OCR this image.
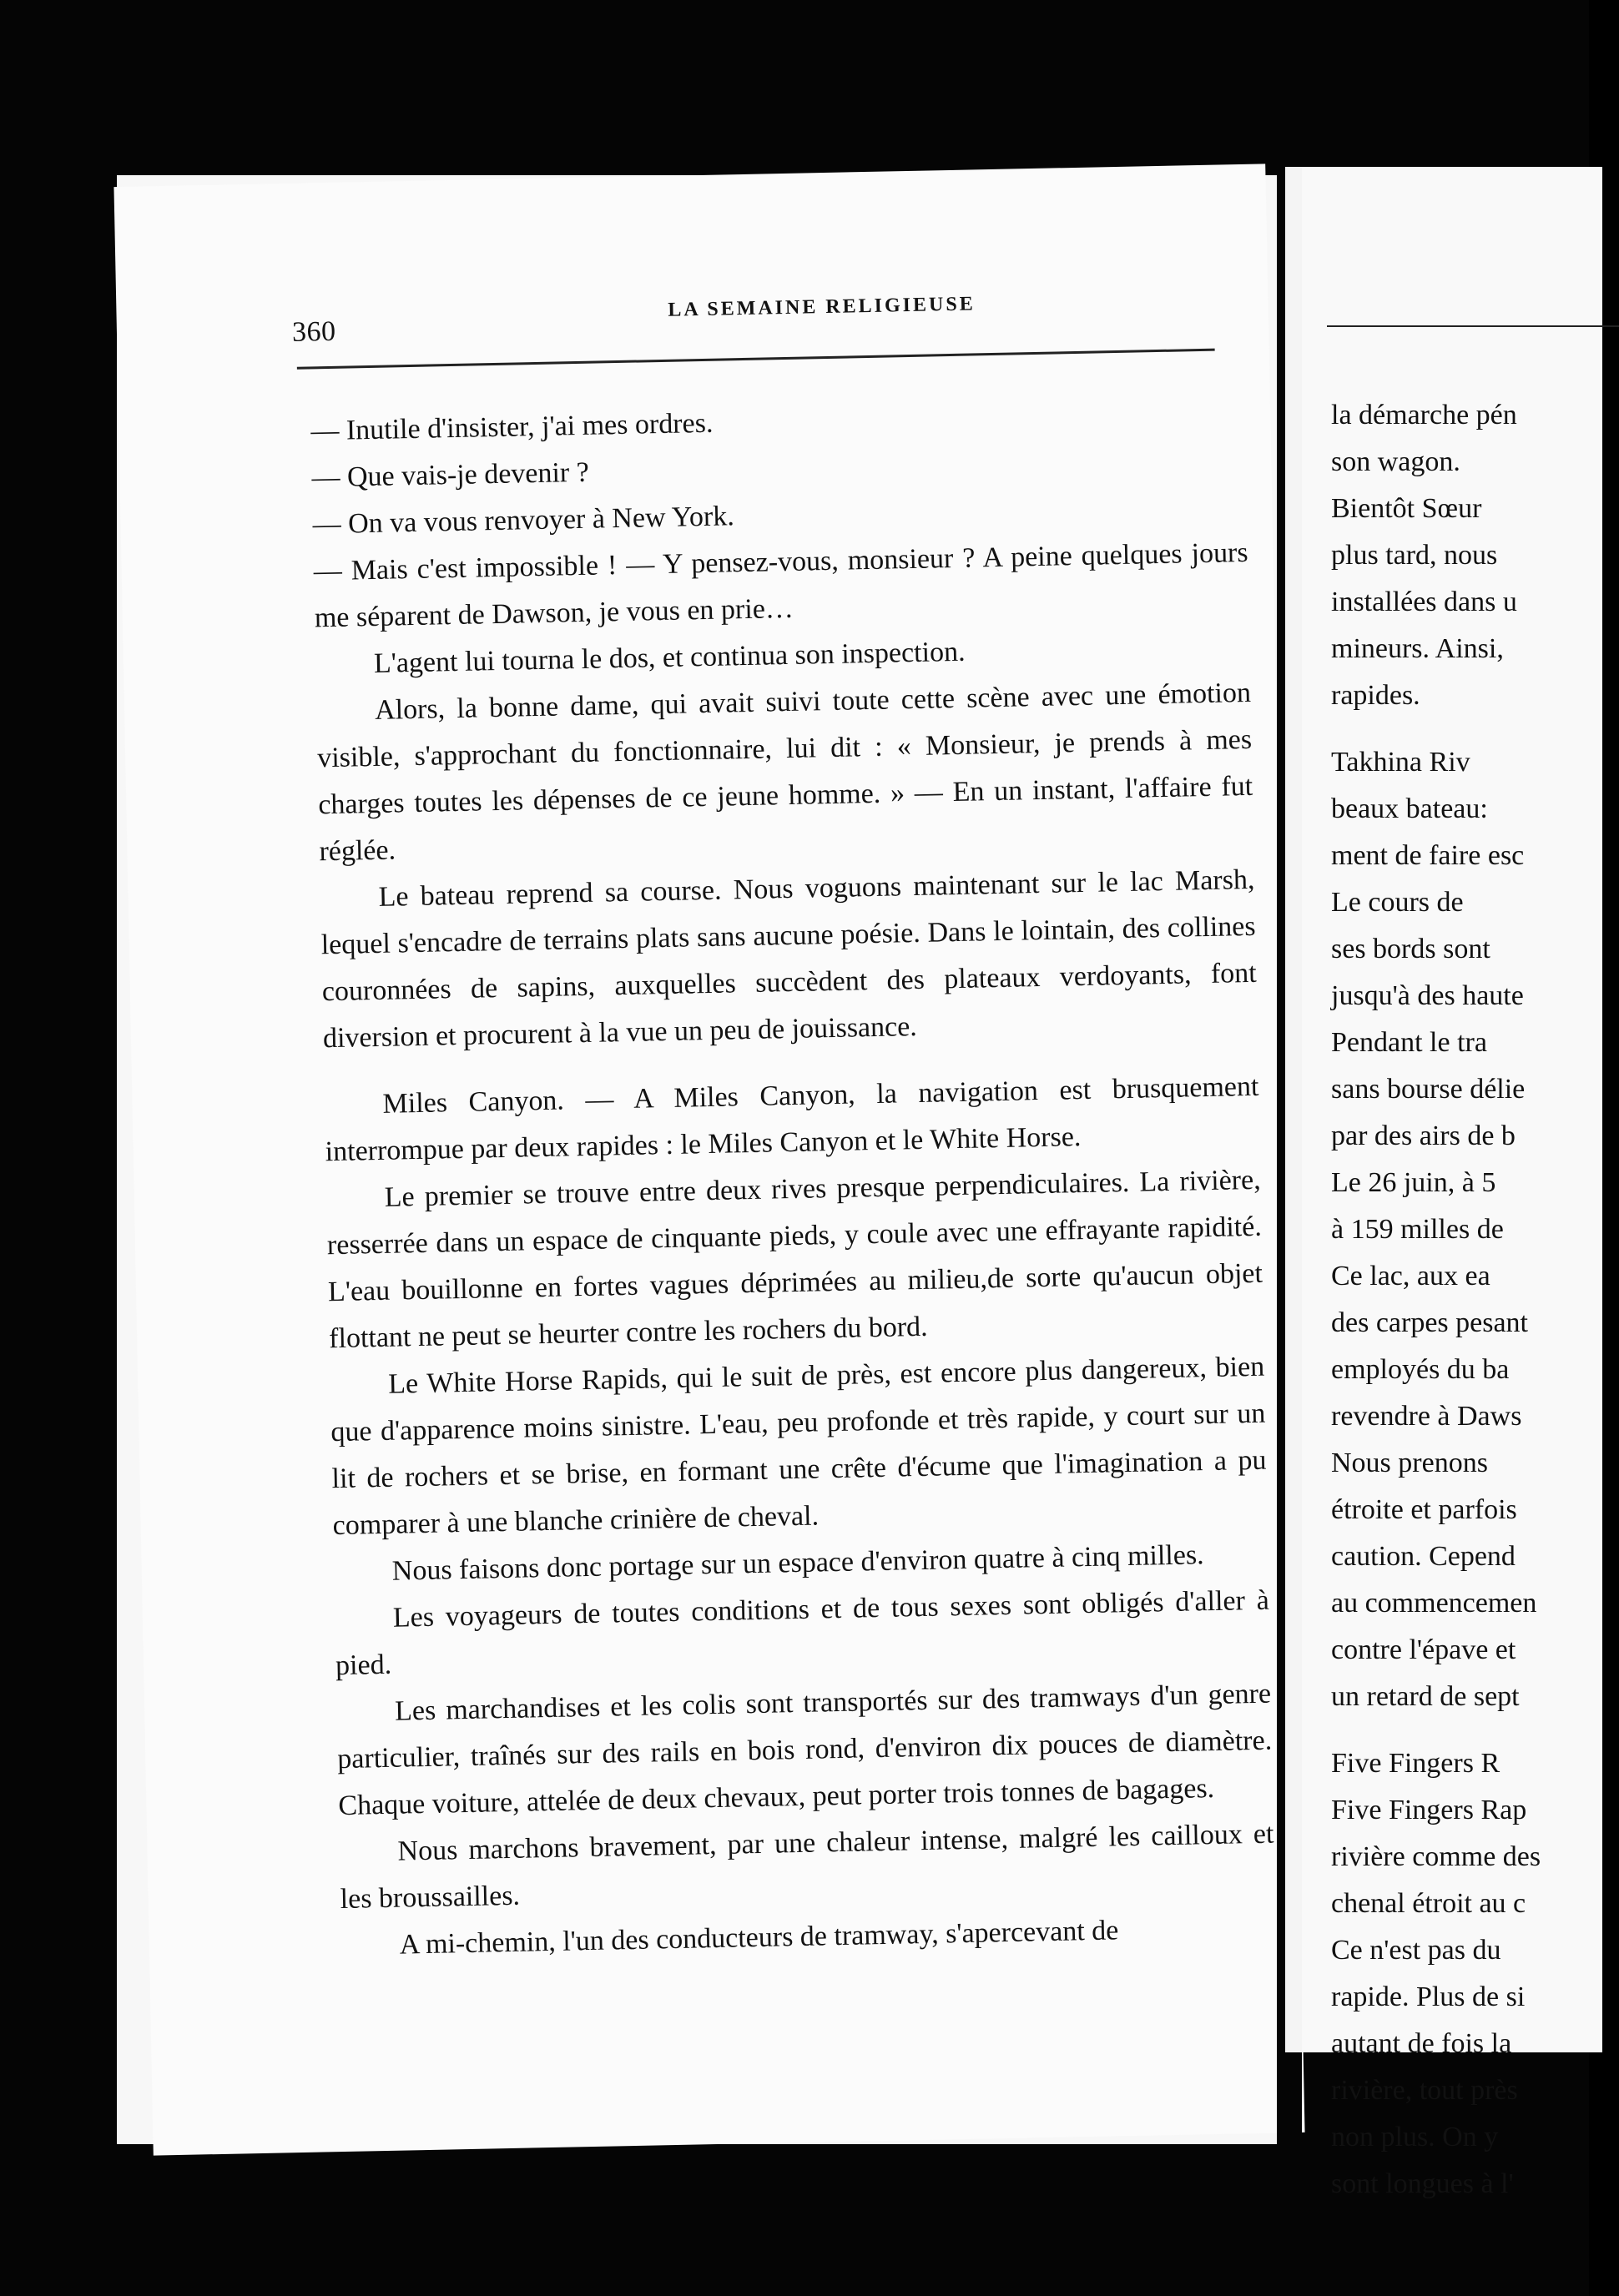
360
LA SEMAINE RELIGIEUSE

— Inutile d'insister, j'ai mes ordres.

— Que vais-je devenir ?

— On va vous renvoyer à New York.

— Mais c'est impossible ! — Y pensez-vous, monsieur ? A peine quelques jours me séparent de Dawson, je vous en prie…

L'agent lui tourna le dos, et continua son inspection.

Alors, la bonne dame, qui avait suivi toute cette scène avec une émotion visible, s'approchant du fonctionnaire, lui dit : « Monsieur, je prends à mes charges toutes les dépenses de ce jeune homme. » — En un instant, l'affaire fut réglée.

Le bateau reprend sa course. Nous voguons maintenant sur le lac Marsh, lequel s'encadre de terrains plats sans aucune poésie. Dans le lointain, des collines couronnées de sapins, auxquelles succèdent des plateaux verdoyants, font diversion et procurent à la vue un peu de jouissance.

Miles Canyon. — A Miles Canyon, la navigation est brusquement interrompue par deux rapides : le Miles Canyon et le White Horse.

Le premier se trouve entre deux rives presque perpendiculaires. La rivière, resserrée dans un espace de cinquante pieds, y coule avec une effrayante rapidité. L'eau bouillonne en fortes vagues déprimées au milieu,de sorte qu'aucun objet flottant ne peut se heurter contre les rochers du bord.

Le White Horse Rapids, qui le suit de près, est encore plus dangereux, bien que d'apparence moins sinistre. L'eau, peu profonde et très rapide, y court sur un lit de rochers et se brise, en formant une crête d'écume que l'imagination a pu comparer à une blanche crinière de cheval.

Nous faisons donc portage sur un espace d'environ quatre à cinq milles.

Les voyageurs de toutes conditions et de tous sexes sont obligés d'aller à pied.

Les marchandises et les colis sont transportés sur des tramways d'un genre particulier, traînés sur des rails en bois rond, d'environ dix pouces de diamètre. Chaque voiture, attelée de deux chevaux, peut porter trois tonnes de bagages.

Nous marchons bravement, par une chaleur intense, malgré les cailloux et les broussailles.

A mi-chemin, l'un des conducteurs de tramway, s'apercevant de

la démarche pén

son wagon.

Bientôt Sœur

plus tard, nous

installées dans u

mineurs. Ainsi,

rapides.

Takhina Riv

beaux bateau:

ment de faire esc

Le cours de

ses bords sont

jusqu'à des haute

Pendant le tra

sans bourse délie

par des airs de b

Le 26 juin, à 5

à 159 milles de

Ce lac, aux ea

des carpes pesant

employés du ba

revendre à Daws

Nous prenons

étroite et parfois

caution. Cepend

au commencemen

contre l'épave et

un retard de sept

Five Fingers R

Five Fingers Rap

rivière comme des

chenal étroit au c

Ce n'est pas du

rapide. Plus de si

autant de fois la

rivière, tout près

non plus. On y

sont longues à l'
